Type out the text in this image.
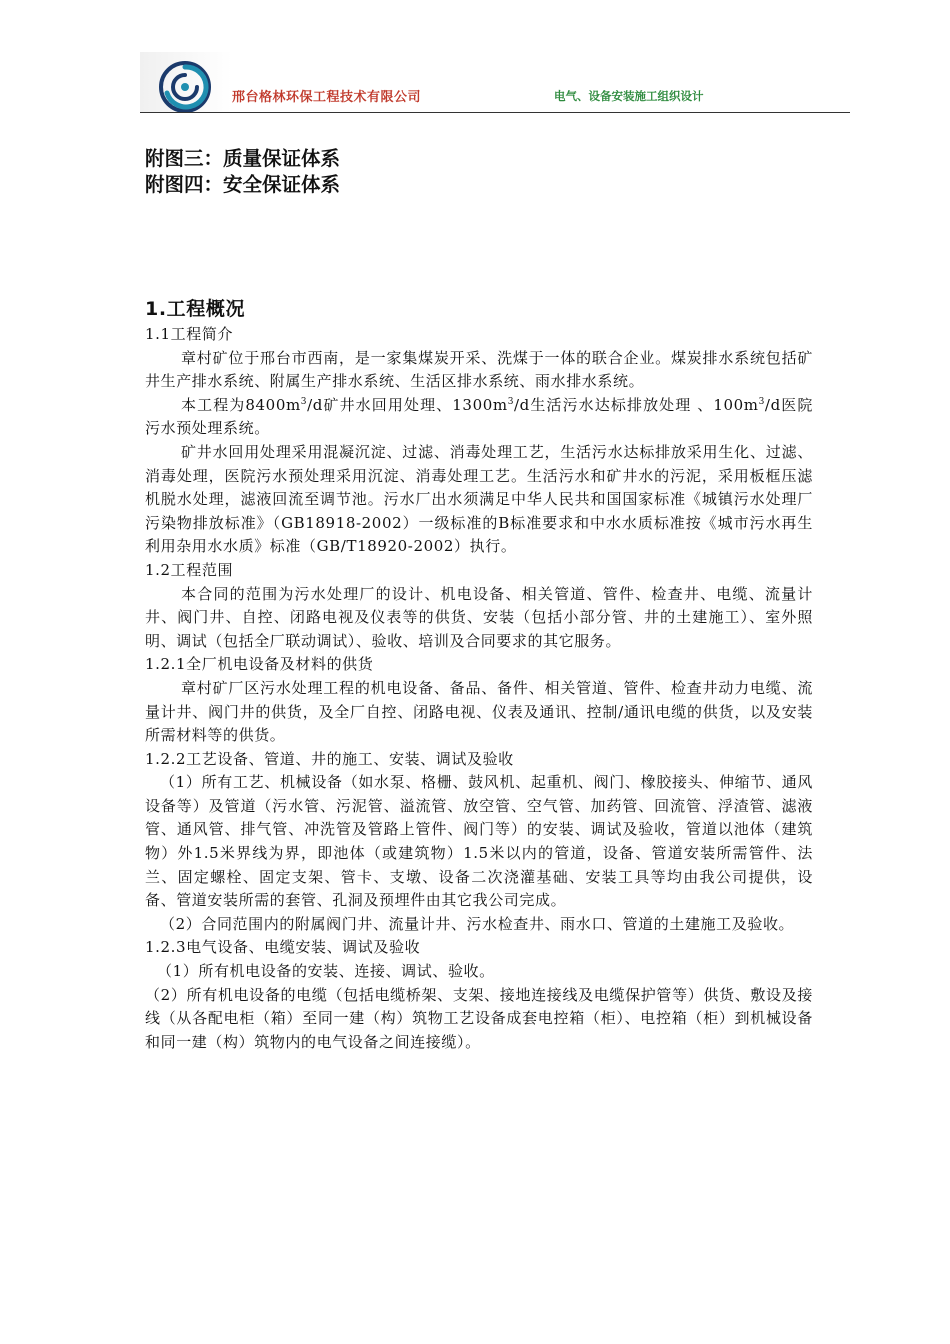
邢台格林环保工程技术有限公司	电气、设备安装施工组织设计
附图三：质量保证体系
附图四：安全保证体系
1.工程概况
1.1工程简介

章村矿位于邢台市西南，是一家集煤炭开采、洗煤于一体的联合企业。煤炭排水系统包括矿井生产排水系统、附属生产排水系统、生活区排水系统、雨水排水系统。

本工程为$8400m^3/d$矿井水回用处理、$1300m^3/d$生活污水达标排放处理 、$100m^3/d$医院污水预处理系统。

矿井水回用处理采用混凝沉淀、过滤、消毒处理工艺，生活污水达标排放采用生化、过滤、消毒处理，医院污水预处理采用沉淀、消毒处理工艺。生活污水和矿井水的污泥，采用板框压滤机脱水处理，滤液回流至调节池。污水厂出水须满足中华人民共和国国家标准《城镇污水处理厂污染物排放标准》（GB18918-2002）一级标准的B标准要求和中水水质标准按《城市污水再生利用杂用水水质》标准（GB/T18920-2002）执行。

1.2工程范围

本合同的范围为污水处理厂的设计、机电设备、相关管道、管件、检查井、电缆、流量计井、阀门井、自控、闭路电视及仪表等的供货、安装（包括小部分管、井的土建施工）、室外照明、调试（包括全厂联动调试）、验收、培训及合同要求的其它服务。

1.2.1全厂机电设备及材料的供货

章村矿厂区污水处理工程的机电设备、备品、备件、相关管道、管件、检查井动力电缆、流量计井、阀门井的供货，及全厂自控、闭路电视、仪表及通讯、控制/通讯电缆的供货，以及安装所需材料等的供货。

1.2.2工艺设备、管道、井的施工、安装、调试及验收

（1）所有工艺、机械设备（如水泵、格栅、鼓风机、起重机、阀门、橡胶接头、伸缩节、通风设备等）及管道（污水管、污泥管、溢流管、放空管、空气管、加药管、回流管、浮渣管、滤液管、通风管、排气管、冲洗管及管路上管件、阀门等）的安装、调试及验收，管道以池体（建筑物）外1.5米界线为界，即池体（或建筑物）1.5米以内的管道，设备、管道安装所需管件、法兰、固定螺栓、固定支架、管卡、支墩、设备二次浇灌基础、安装工具等均由我公司提供，设备、管道安装所需的套管、孔洞及预埋件由其它我公司完成。

（2）合同范围内的附属阀门井、流量计井、污水检查井、雨水口、管道的土建施工及验收。

1.2.3电气设备、电缆安装、调试及验收

（1）所有机电设备的安装、连接、调试、验收。

（2）所有机电设备的电缆（包括电缆桥架、支架、接地连接线及电缆保护管等）供货、敷设及接线（从各配电柜（箱）至同一建（构）筑物工艺设备成套电控箱（柜）、电控箱（柜）到机械设备和同一建（构）筑物内的电气设备之间连接缆）。
